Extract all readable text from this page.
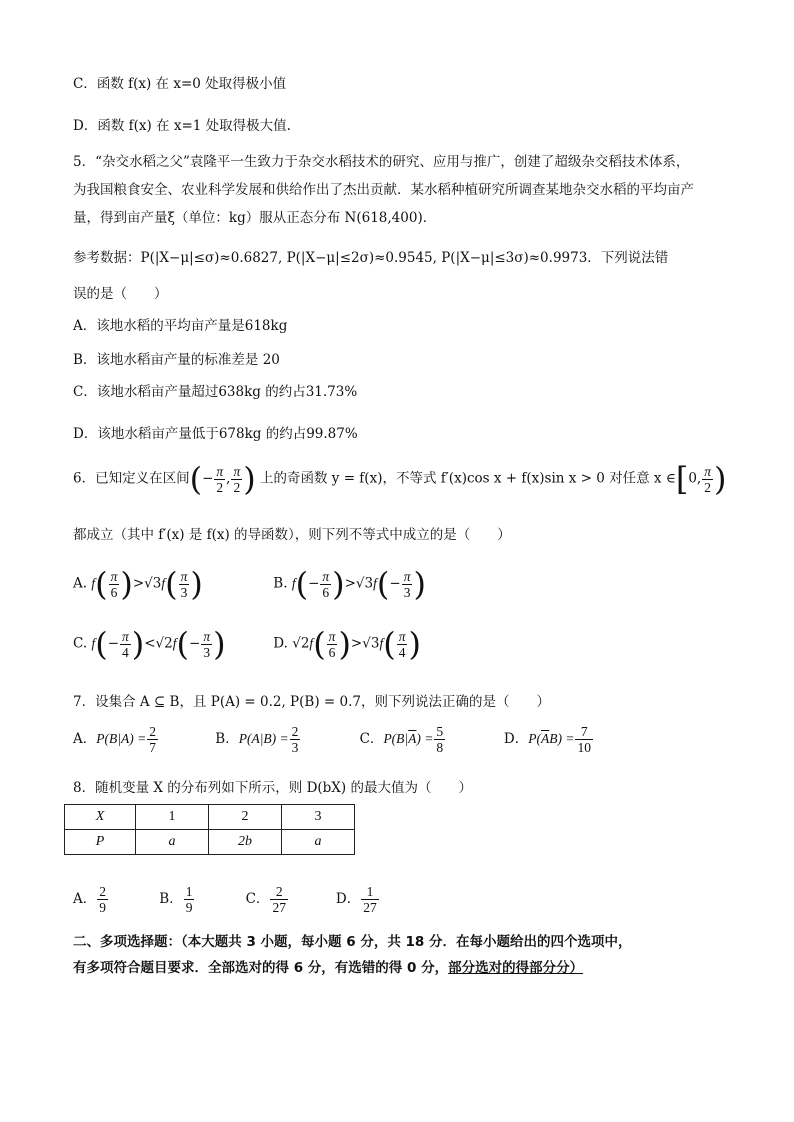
C．函数 f(x) 在 x=0 处取得极小值
D．函数 f(x) 在 x=1 处取得极大值.
5．“杂交水稻之父”袁隆平一生致力于杂交水稻技术的研究、应用与推广，创建了超级杂交稻技术体系，
为我国粮食安全、农业科学发展和供给作出了杰出贡献．某水稻种植研究所调查某地杂交水稻的平均亩产
量，得到亩产量ξ（单位：kg）服从正态分布 N(618,400)．
参考数据：P(|X−μ|≤σ)≈0.6827, P(|X−μ|≤2σ)≈0.9545, P(|X−μ|≤3σ)≈0.9973．下列说法错
误的是（　　）
A．该地水稻的平均亩产量是618kg
B．该地水稻亩产量的标准差是 20
C．该地水稻亩产量超过638kg 的约占31.73%
D．该地水稻亩产量低于678kg 的约占99.87%
6．已知定义在区间(− $\frac{\pi}{2}$ , $\frac{\pi}{2}$ ) 上的奇函数 y = f(x)，不等式 f′(x)cos x + f(x)sin x > 0 对任意 x ∈[0, $\frac{\pi}{2}$ )
都成立（其中 f′(x) 是 f(x) 的导函数），则下列不等式中成立的是（　　）
A. $f( \frac{\pi}{6} )>√3f( \frac{\pi}{3}$ )	B. $f(- \frac{\pi}{6} )>√3f(- \frac{\pi}{3}$ )
C. $f(- \frac{\pi}{4} )<√2f(- \frac{\pi}{3}$ )	D. $√2f( \frac{\pi}{6} )>√3f( \frac{\pi}{4}$ )
7．设集合 A ⊆ B，且 P(A) = 0.2, P(B) = 0.7，则下列说法正确的是（　　）
A．$P(B|A) = \frac{2}{7}$	B．$P(A|B) = \frac{2}{3}$	C．$P(B|\overline{A}) = \frac{5}{8}$	D．$P(\overline{A}B) = \frac{7}{10}$
8．随机变量 X 的分布列如下所示，则 D(bX) 的最大值为（　　）
X	1	2	3
P	a	2b	a
A． $\frac{2}{9}$	B． $\frac{1}{9}$	C． $\frac{2}{27}$	D． $\frac{1}{27}$
二、多项选择题：（本大题共 3 小题，每小题 6 分，共 18 分．在每小题给出的四个选项中，
有多项符合题目要求．全部选对的得 6 分，有选错的得 0 分，部分选对的得部分分）
